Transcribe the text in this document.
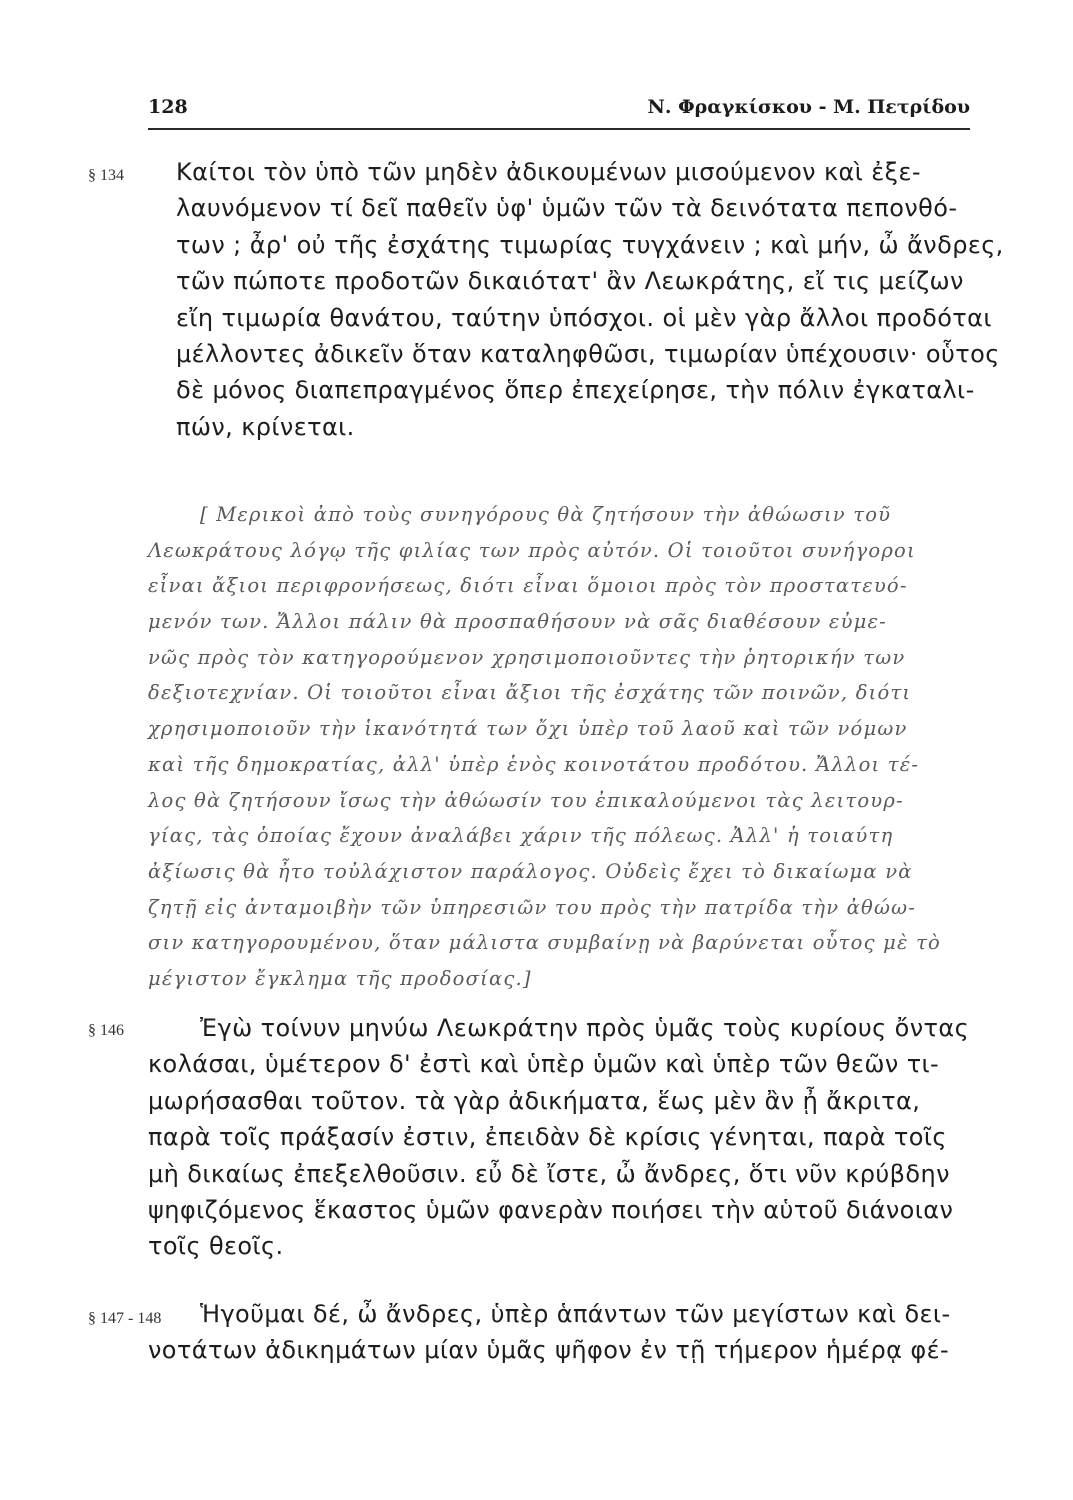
128	Ν. Φραγκίσκου - Μ. Πετρίδου
§ 134 Καίτοι τὸν ὑπὸ τῶν μηδὲν ἀδικουμένων μισούμενον καὶ ἐξε-
λαυνόμενον τί δεῖ παθεῖν ὑφ' ὑμῶν τῶν τὰ δεινότατα πεπονθό-
των ; ἆρ' οὐ τῆς ἐσχάτης τιμωρίας τυγχάνειν ; καὶ μήν, ὦ ἄνδρες,
τῶν πώποτε προδοτῶν δικαιότατ' ἂν Λεωκράτης, εἴ τις μείζων
εἴη τιμωρία θανάτου, ταύτην ὑπόσχοι. οἱ μὲν γὰρ ἄλλοι προδόται
μέλλοντες ἀδικεῖν ὅταν καταληφθῶσι, τιμωρίαν ὑπέχουσιν· οὗτος
δὲ μόνος διαπεπραγμένος ὅπερ ἐπεχείρησε, τὴν πόλιν ἐγκαταλι-
πών, κρίνεται.
[ Μερικοὶ ἀπὸ τοὺς συνηγόρους θὰ ζητήσουν τὴν ἀθώωσιν τοῦ
Λεωκράτους λόγῳ τῆς φιλίας των πρὸς αὐτόν. Οἱ τοιοῦτοι συνήγοροι
εἶναι ἄξιοι περιφρονήσεως, διότι εἶναι ὅμοιοι πρὸς τὸν προστατευό-
μενόν των. Ἄλλοι πάλιν θὰ προσπαθήσουν νὰ σᾶς διαθέσουν εὐμε-
νῶς πρὸς τὸν κατηγορούμενον χρησιμοποιοῦντες τὴν ῥητορικήν των
δεξιοτεχνίαν. Οἱ τοιοῦτοι εἶναι ἄξιοι τῆς ἐσχάτης τῶν ποινῶν, διότι
χρησιμοποιοῦν τὴν ἱκανότητά των ὄχι ὑπὲρ τοῦ λαοῦ καὶ τῶν νόμων
καὶ τῆς δημοκρατίας, ἀλλ' ὑπὲρ ἑνὸς κοινοτάτου προδότου. Ἄλλοι τέ-
λος θὰ ζητήσουν ἴσως τὴν ἀθώωσίν του ἐπικαλούμενοι τὰς λειτουρ-
γίας, τὰς ὁποίας ἔχουν ἀναλάβει χάριν τῆς πόλεως. Ἀλλ' ἡ τοιαύτη
ἀξίωσις θὰ ἦτο τοὐλάχιστον παράλογος. Οὐδεὶς ἔχει τὸ δικαίωμα νὰ
ζητῇ εἰς ἀνταμοιβὴν τῶν ὑπηρεσιῶν του πρὸς τὴν πατρίδα τὴν ἀθώω-
σιν κατηγορουμένου, ὅταν μάλιστα συμβαίνῃ νὰ βαρύνεται οὗτος μὲ τὸ
μέγιστον ἔγκλημα τῆς προδοσίας.]
§ 146	Ἐγὼ τοίνυν μηνύω Λεωκράτην πρὸς ὑμᾶς τοὺς κυρίους ὄντας
κολάσαι, ὑμέτερον δ' ἐστὶ καὶ ὑπὲρ ὑμῶν καὶ ὑπὲρ τῶν θεῶν τι-
μωρήσασθαι τοῦτον. τὰ γὰρ ἀδικήματα, ἕως μὲν ἂν ᾖ ἄκριτα,
παρὰ τοῖς πράξασίν ἐστιν, ἐπειδὰν δὲ κρίσις γένηται, παρὰ τοῖς
μὴ δικαίως ἐπεξελθοῦσιν. εὖ δὲ ἴστε, ὦ ἄνδρες, ὅτι νῦν κρύβδην
ψηφιζόμενος ἕκαστος ὑμῶν φανερὰν ποιήσει τὴν αὑτοῦ διάνοιαν
τοῖς θεοῖς.
§ 147 - 148	Ἡγοῦμαι δέ, ὦ ἄνδρες, ὑπὲρ ἁπάντων τῶν μεγίστων καὶ δει-
νοτάτων ἀδικημάτων μίαν ὑμᾶς ψῆφον ἐν τῇ τήμερον ἡμέρᾳ φέ-
